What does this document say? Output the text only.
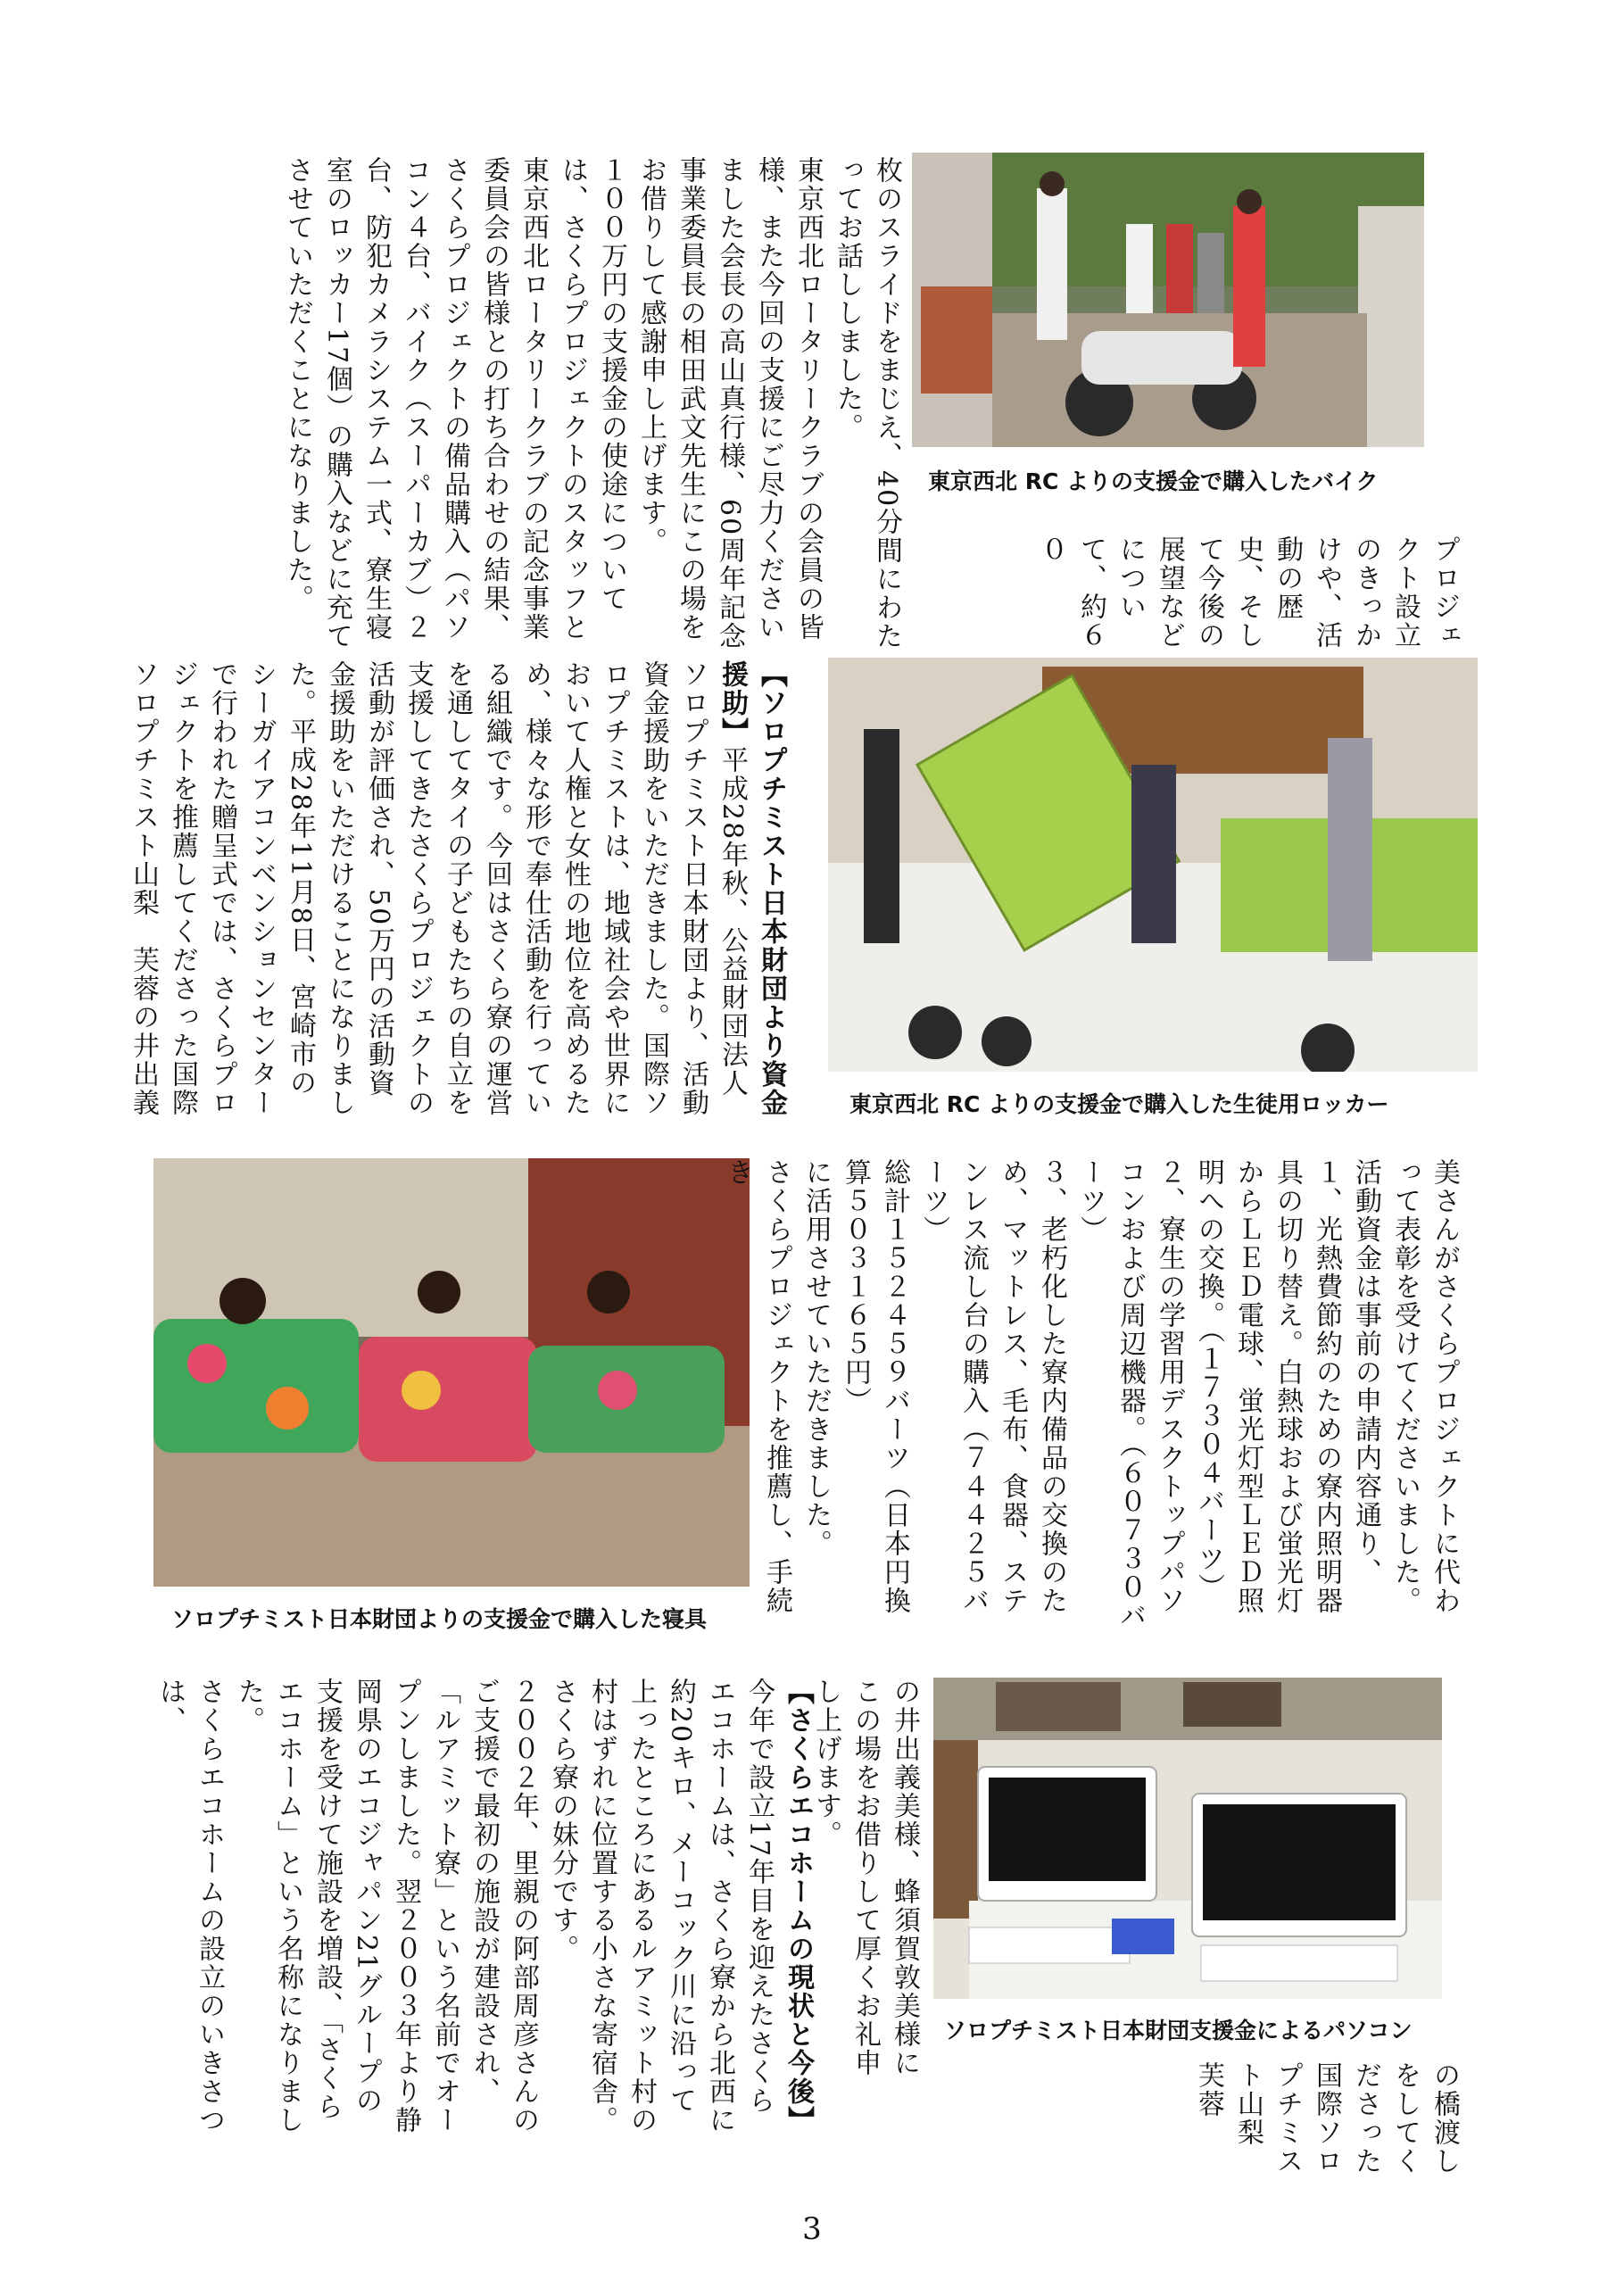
枚のスライドをまじえ、40分間にわたってお話ししました。
東京西北ロータリークラブの会員の皆様、また今回の支援にご尽力くださいました会長の高山真行様、60周年記念事業委員長の相田武文先生にこの場をお借りして感謝申し上げます。
１００万円の支援金の使途については、さくらプロジェクトのスタッフと東京西北ロータリークラブの記念事業委員会の皆様との打ち合わせの結果、さくらプロジェクトの備品購入（パソコン４台、バイク（スーパーカブ）２台、防犯カメラシステム一式、寮生寝室のロッカー17個）の購入などに充てさせていただくことになりました。	東京西北 RC よりの支援金で購入したバイク
プロジェクト設立のきっかけや、活動の歴史、そして今後の展望などについて、約６０

【ソロプチミスト日本財団より資金援助】平成28年秋、公益財団法人ソロプチミスト日本財団より、活動資金援助をいただきました。国際ソロプチミストは、地域社会や世界において人権と女性の地位を高めるため、様々な形で奉仕活動を行っている組織です。今回はさくら寮の運営を通してタイの子どもたちの自立を支援してきたさくらプロジェクトの活動が評価され、50万円の活動資金援助をいただけることになりました。平成28年11月8日、宮崎市のシーガイアコンベンションセンターで行われた贈呈式では、さくらプロジェクトを推薦してくださった国際ソロプチミスト山梨　芙蓉の井出義	東京西北 RC よりの支援金で購入した生徒用ロッカー
ソロプチミスト日本財団よりの支援金で購入した寝具
美さんがさくらプロジェクトに代わって表彰を受けてくださいました。
活動資金は事前の申請内容通り、
１、光熱費節約のための寮内照明器具の切り替え。白熱球および蛍光灯からＬＥＤ電球、蛍光灯型ＬＥＤ照明への交換。（１７３０４バーツ）
２、寮生の学習用デスクトップパソコンおよび周辺機器。（６０７３０バーツ）
３、老朽化した寮内備品の交換のため、マットレス、毛布、食器、ステンレス流し台の購入（７４４２５バーツ）
総計１５２４５９バーツ（日本円換算５０３１６５円）
に活用させていただきました。
さくらプロジェクトを推薦し、手続き

【さくらエコホームの現状と今後】今年で設立17年目を迎えたさくらエコホームは、さくら寮から北西に約20キロ、メーコック川に沿って上ったところにあるルアミット村の村はずれに位置する小さな寄宿舎。さくら寮の妹分です。
２００２年、里親の阿部周彦さんのご支援で最初の施設が建設され、「ルアミット寮」という名前でオープンしました。翌２００３年より静岡県のエコジャパン21グループの支援を受けて施設を増設、「さくらエコホーム」という名称になりました。
さくらエコホームの設立のいきさつは、	の井出義美様、蜂須賀敦美様にこの場をお借りして厚くお礼申し上げます。
ソロプチミスト日本財団支援金によるパソコン
の橋渡しをしてくださった国際ソロプチミスト山梨　芙蓉
3
